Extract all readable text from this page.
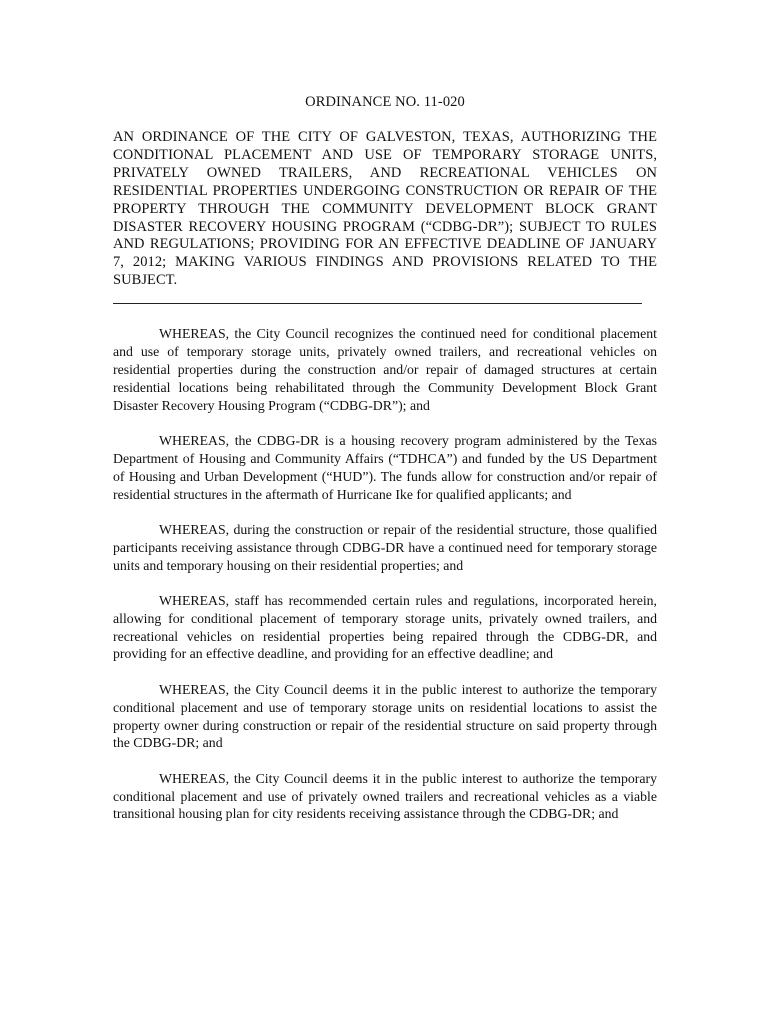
ORDINANCE NO. 11-020
AN ORDINANCE OF THE CITY OF GALVESTON, TEXAS, AUTHORIZING THE CONDITIONAL PLACEMENT AND USE OF TEMPORARY STORAGE UNITS, PRIVATELY OWNED TRAILERS, AND RECREATIONAL VEHICLES ON RESIDENTIAL PROPERTIES UNDERGOING CONSTRUCTION OR REPAIR OF THE PROPERTY THROUGH THE COMMUNITY DEVELOPMENT BLOCK GRANT DISASTER RECOVERY HOUSING PROGRAM (“CDBG-DR”); SUBJECT TO RULES AND REGULATIONS; PROVIDING FOR AN EFFECTIVE DEADLINE OF JANUARY 7, 2012; MAKING VARIOUS FINDINGS AND PROVISIONS RELATED TO THE SUBJECT.

WHEREAS, the City Council recognizes the continued need for conditional placement and use of temporary storage units, privately owned trailers, and recreational vehicles on residential properties during the construction and/or repair of damaged structures at certain residential locations being rehabilitated through the Community Development Block Grant Disaster Recovery Housing Program (“CDBG-DR”); and

WHEREAS, the CDBG-DR is a housing recovery program administered by the Texas Department of Housing and Community Affairs (“TDHCA”) and funded by the US Department of Housing and Urban Development (“HUD”). The funds allow for construction and/or repair of residential structures in the aftermath of Hurricane Ike for qualified applicants; and

WHEREAS, during the construction or repair of the residential structure, those qualified participants receiving assistance through CDBG-DR have a continued need for temporary storage units and temporary housing on their residential properties; and

WHEREAS, staff has recommended certain rules and regulations, incorporated herein, allowing for conditional placement of temporary storage units, privately owned trailers, and recreational vehicles on residential properties being repaired through the CDBG-DR, and providing for an effective deadline, and providing for an effective deadline; and

WHEREAS, the City Council deems it in the public interest to authorize the temporary conditional placement and use of temporary storage units on residential locations to assist the property owner during construction or repair of the residential structure on said property through the CDBG-DR; and

WHEREAS, the City Council deems it in the public interest to authorize the temporary conditional placement and use of privately owned trailers and recreational vehicles as a viable transitional housing plan for city residents receiving assistance through the CDBG-DR; and
